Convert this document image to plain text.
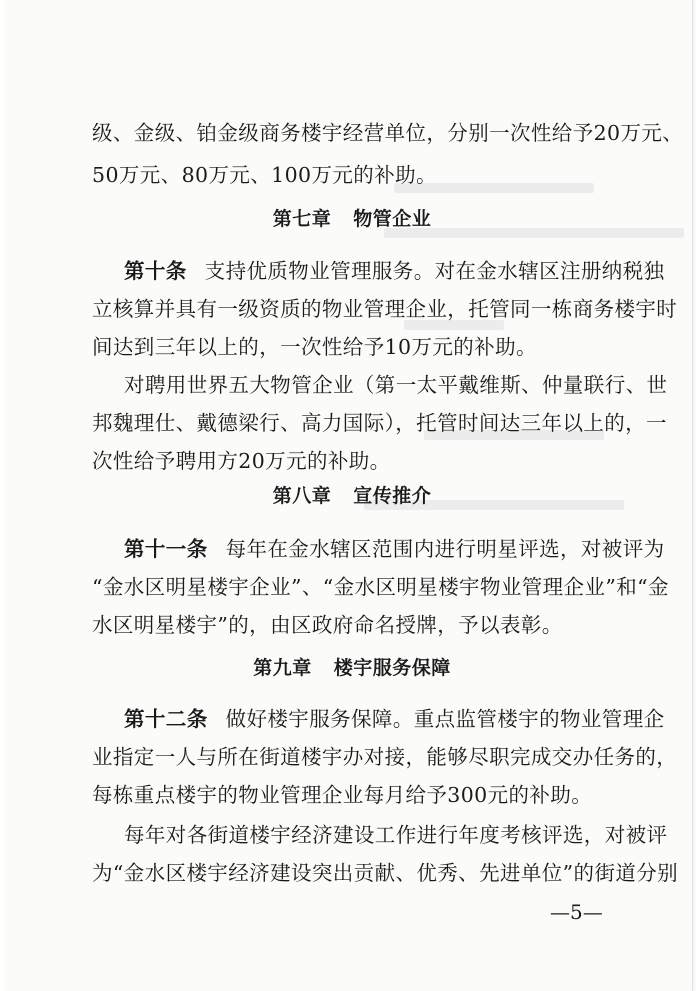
级、金级、铂金级商务楼宇经营单位，分别一次性给予20万元、
50万元、80万元、100万元的补助。
第七章 物管企业
第十条 支持优质物业管理服务。对在金水辖区注册纳税独
立核算并具有一级资质的物业管理企业，托管同一栋商务楼宇时
间达到三年以上的，一次性给予10万元的补助。
对聘用世界五大物管企业（第一太平戴维斯、仲量联行、世
邦魏理仕、戴德梁行、高力国际），托管时间达三年以上的，一
次性给予聘用方20万元的补助。
第八章 宣传推介
第十一条 每年在金水辖区范围内进行明星评选，对被评为
“金水区明星楼宇企业”、“金水区明星楼宇物业管理企业”和“金
水区明星楼宇”的，由区政府命名授牌，予以表彰。
第九章 楼宇服务保障
第十二条 做好楼宇服务保障。重点监管楼宇的物业管理企
业指定一人与所在街道楼宇办对接，能够尽职完成交办任务的，
每栋重点楼宇的物业管理企业每月给予300元的补助。
每年对各街道楼宇经济建设工作进行年度考核评选，对被评
为“金水区楼宇经济建设突出贡献、优秀、先进单位”的街道分别
—5—
